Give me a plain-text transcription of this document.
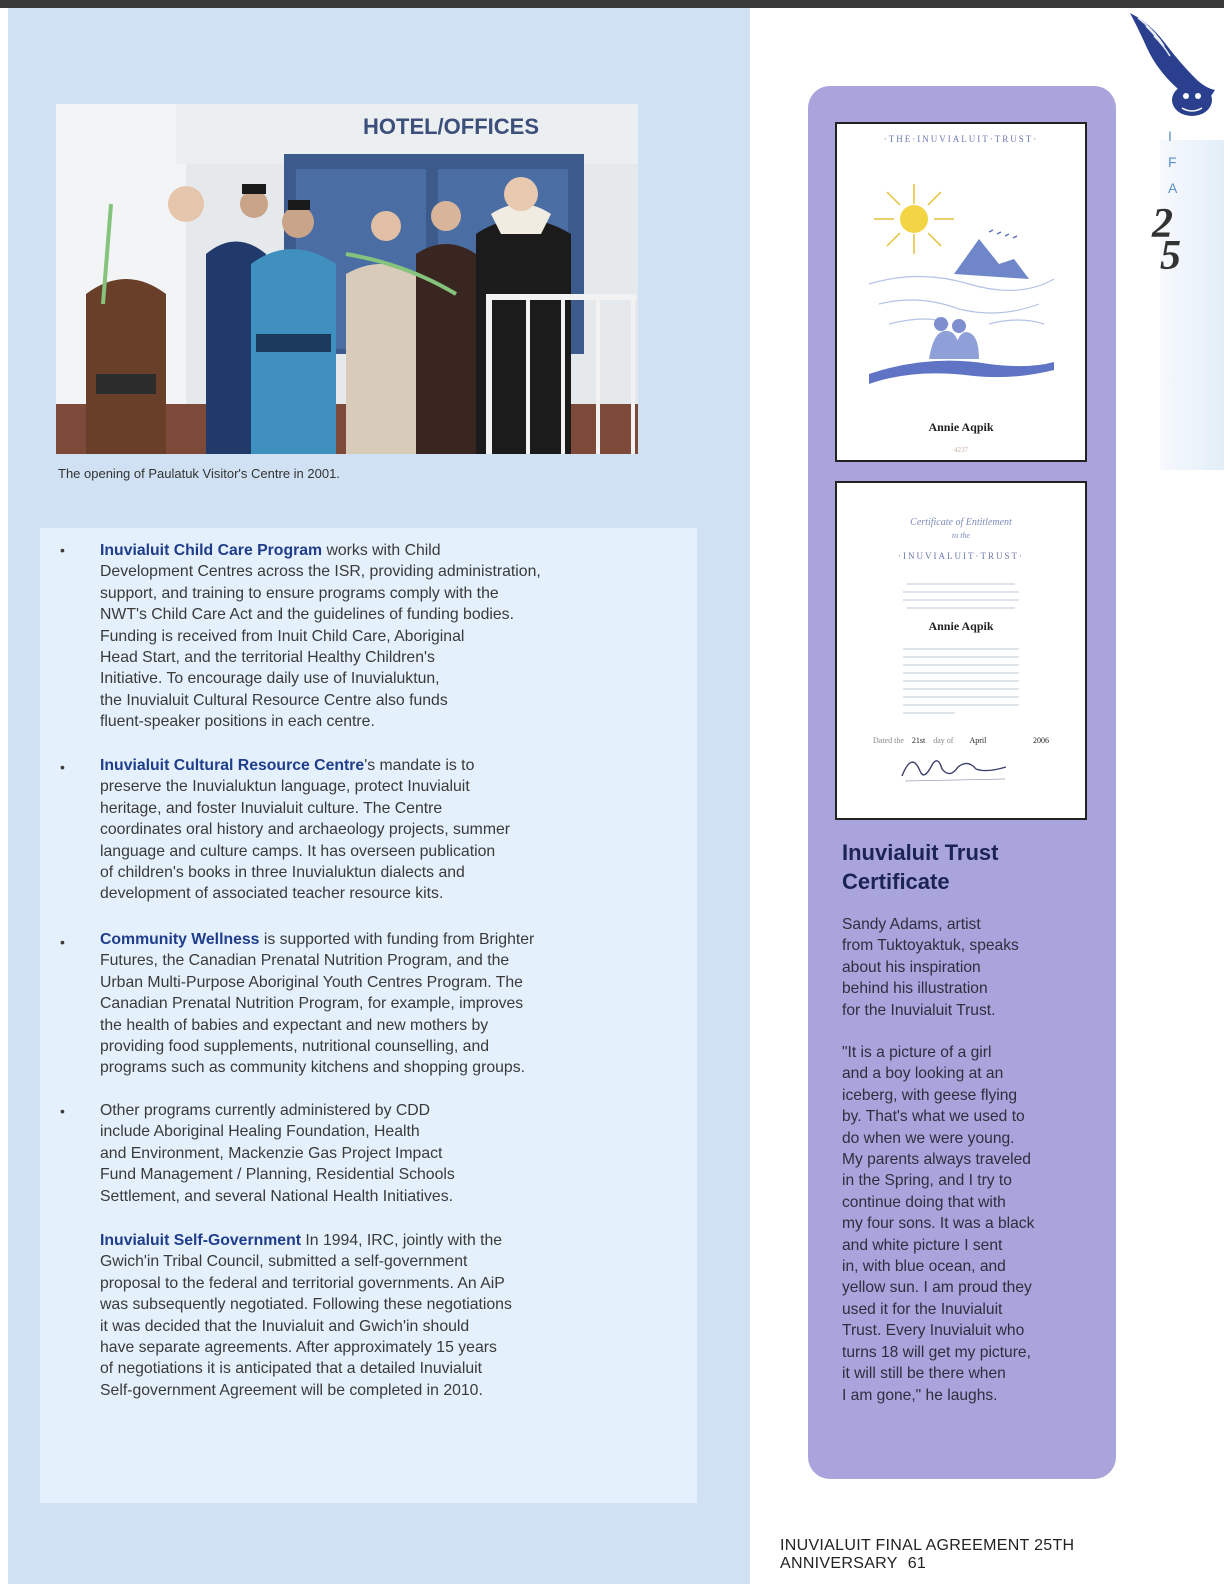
HOTEL/OFFICES
The opening of Paulatuk Visitor's Centre in 2001.
• Inuvialuit Child Care Program works with Child
Development Centres across the ISR, providing administration,
support, and training to ensure programs comply with the
NWT's Child Care Act and the guidelines of funding bodies.
Funding is received from Inuit Child Care, Aboriginal
Head Start, and the territorial Healthy Children's
Initiative. To encourage daily use of Inuvialuktun,
the Inuvialuit Cultural Resource Centre also funds
fluent-speaker positions in each centre.
• Inuvialuit Cultural Resource Centre's mandate is to
preserve the Inuvialuktun language, protect Inuvialuit
heritage, and foster Inuvialuit culture. The Centre
coordinates oral history and archaeology projects, summer
language and culture camps. It has overseen publication
of children's books in three Inuvialuktun dialects and
development of associated teacher resource kits.
• Community Wellness is supported with funding from Brighter
Futures, the Canadian Prenatal Nutrition Program, and the
Urban Multi-Purpose Aboriginal Youth Centres Program. The
Canadian Prenatal Nutrition Program, for example, improves
the health of babies and expectant and new mothers by
providing food supplements, nutritional counselling, and
programs such as community kitchens and shopping groups.
• Other programs currently administered by CDD
include Aboriginal Healing Foundation, Health
and Environment, Mackenzie Gas Project Impact
Fund Management / Planning, Residential Schools
Settlement, and several National Health Initiatives.
Inuvialuit Self-Government In 1994, IRC, jointly with the
Gwich'in Tribal Council, submitted a self-government
proposal to the federal and territorial governments. An AiP
was subsequently negotiated. Following these negotiations
it was decided that the Inuvialuit and Gwich'in should
have separate agreements. After approximately 15 years
of negotiations it is anticipated that a detailed Inuvialuit
Self-government Agreement will be completed in 2010.
·THE·INUVIALUIT·TRUST·
Annie Aqpik
4237
Certificate of Entitlement
to the
·INUVIALUIT·TRUST·
Annie Aqpik
Dated the 21st day of April	2006
Inuvialuit Trust
Certificate
Sandy Adams, artist
from Tuktoyaktuk, speaks
about his inspiration
behind his illustration
for the Inuvialuit Trust.
"It is a picture of a girl
and a boy looking at an
iceberg, with geese flying
by. That's what we used to
do when we were young.
My parents always traveled
in the Spring, and I try to
continue doing that with
my four sons. It was a black
and white picture I sent
in, with blue ocean, and
yellow sun. I am proud they
used it for the Inuvialuit
Trust. Every Inuvialuit who
turns 18 will get my picture,
it will still be there when
I am gone," he laughs.
I
F
A
2
5
INUVIALUIT FINAL AGREEMENT 25TH ANNIVERSARY 61
